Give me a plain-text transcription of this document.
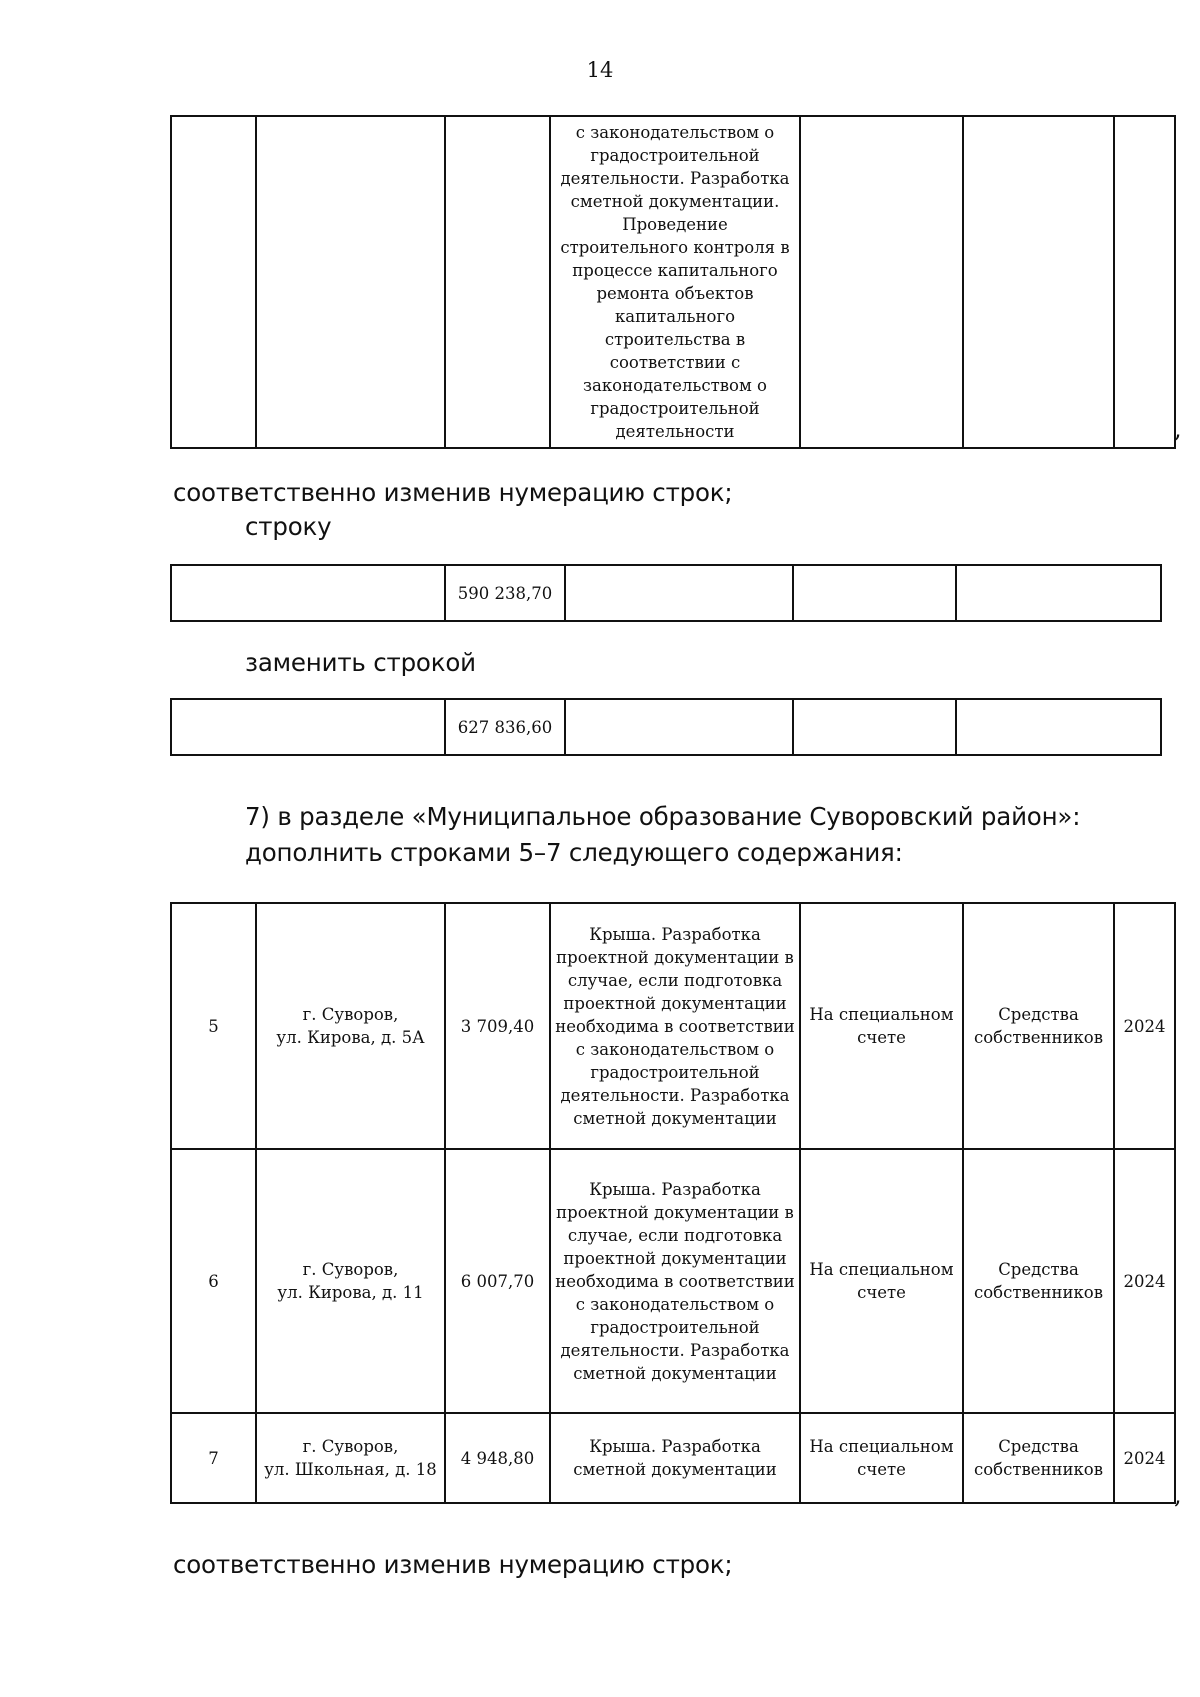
14
			с законодательством о градостроительной деятельности. Разработка сметной документации. Проведение строительного контроля в процессе капитального ремонта объектов капитального строительства в соответствии с законодательством о градостроительной деятельности				,
соответственно изменив нумерацию строк;
строку
	590 238,70			
заменить строкой
	627 836,60			
7) в разделе «Муниципальное образование Суворовский район»:
дополнить строками 5–7 следующего содержания:
5	г. Суворов,
ул. Кирова, д. 5А	3 709,40	Крыша. Разработка проектной документации в случае, если подготовка проектной документации необходима в соответствии с законодательством о градостроительной деятельности. Разработка сметной документации	На специальном счете	Средства собственников	2024
6	г. Суворов,
ул. Кирова, д. 11	6 007,70	Крыша. Разработка проектной документации в случае, если подготовка проектной документации необходима в соответствии с законодательством о градостроительной деятельности. Разработка сметной документации	На специальном счете	Средства собственников	2024
7	г. Суворов,
ул. Школьная, д. 18	4 948,80	Крыша. Разработка сметной документации	На специальном счете	Средства собственников	2024
,
соответственно изменив нумерацию строк;
